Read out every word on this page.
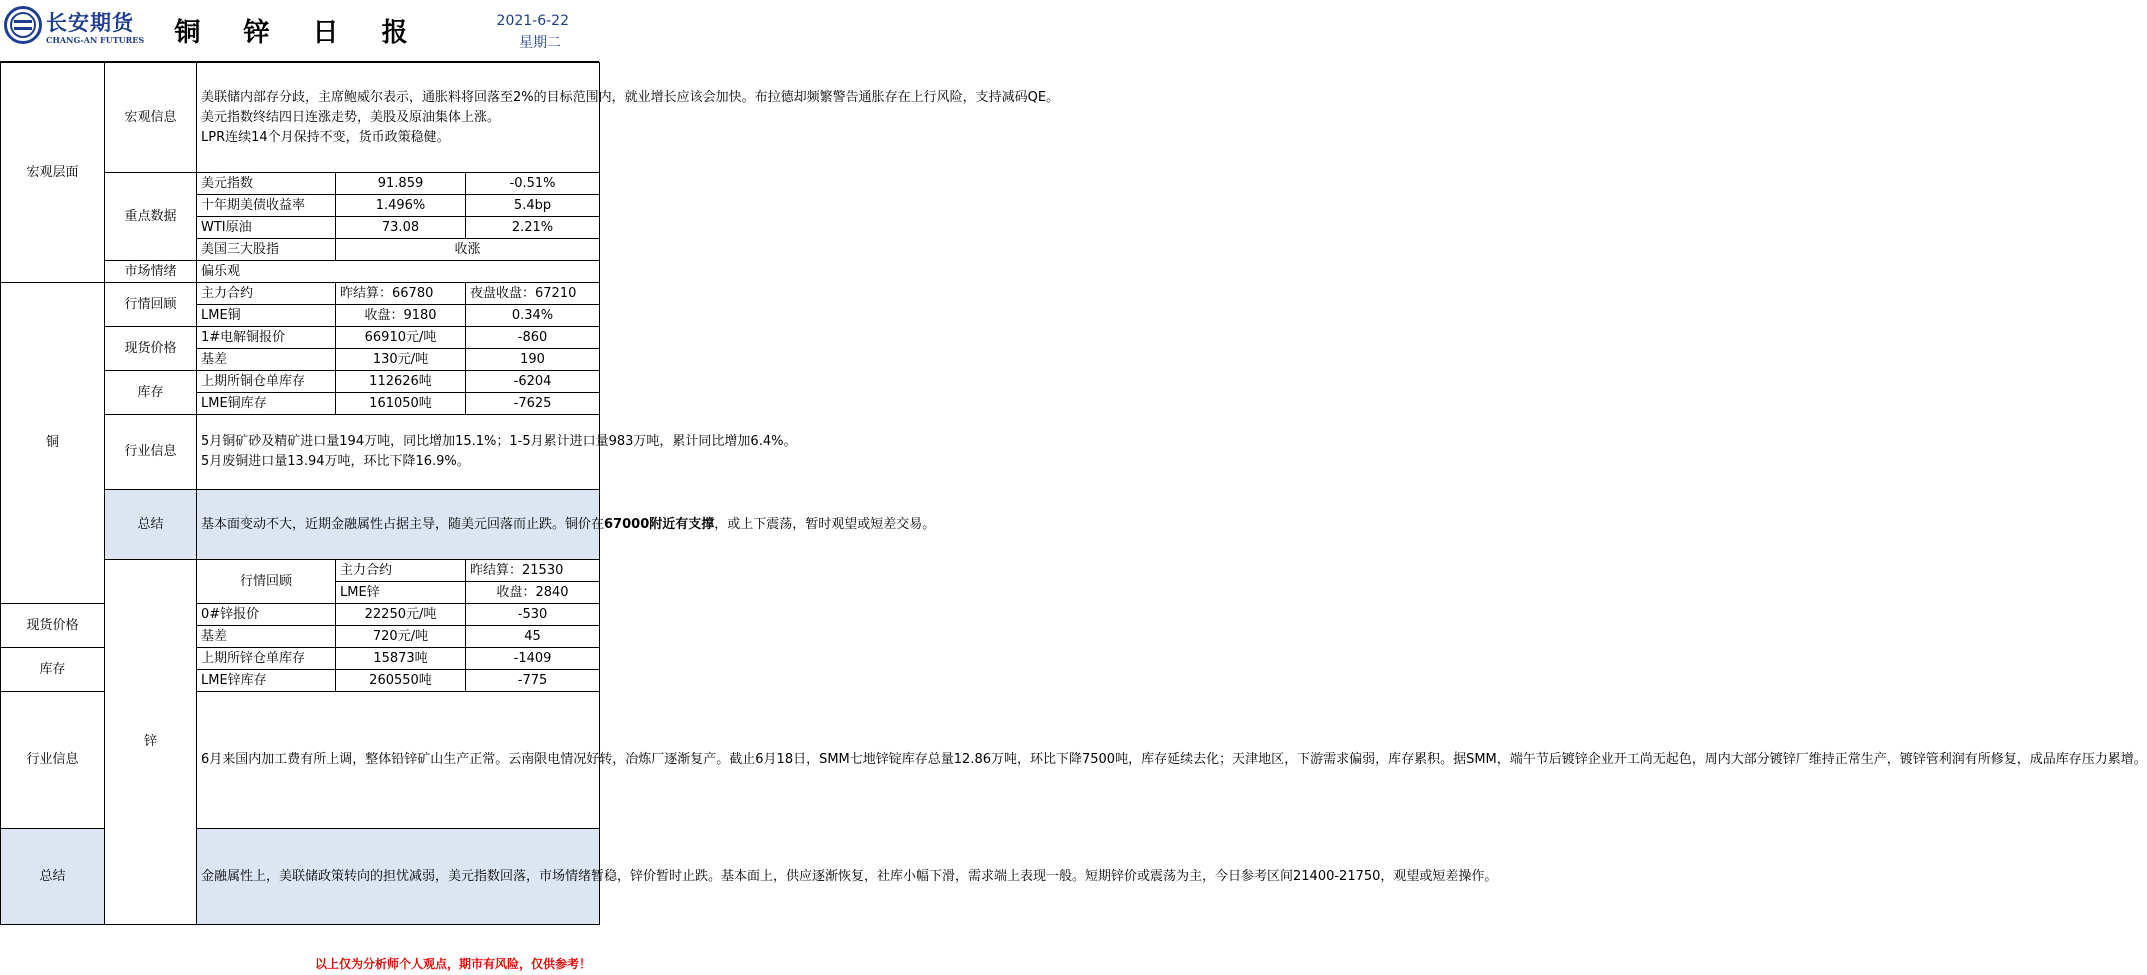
长安期货
CHANG-AN FUTURES	铜 锌 日 报	2021-6-22
星期二
宏观层面	宏观信息	美联储内部存分歧，主席鲍威尔表示，通胀料将回落至2%的目标范围内，就业增长应该会加快。布拉德却频繁警告通胀存在上行风险，支持减码QE。
美元指数终结四日连涨走势，美股及原油集体上涨。
LPR连续14个月保持不变，货币政策稳健。			
	重点数据	美元指数	91.859	-0.51%	
		十年期美债收益率	1.496%	5.4bp	
		WTI原油	73.08	2.21%	
		美国三大股指	收涨		
	市场情绪	偏乐观			
铜	行情回顾	主力合约	昨结算：66780	夜盘收盘：67210	
		LME铜	收盘：9180	0.34%	
	现货价格	1#电解铜报价	66910元/吨	-860	
		基差	130元/吨	190	
	库存	上期所铜仓单库存	112626吨	-6204	
		LME铜库存	161050吨	-7625	
	行业信息	5月铜矿砂及精矿进口量194万吨，同比增加15.1%；1-5月累计进口量983万吨，累计同比增加6.4%。
5月废铜进口量13.94万吨，环比下降16.9%。			
	总结	基本面变动不大，近期金融属性占据主导，随美元回落而止跌。铜价在67000附近有支撑，或上下震荡，暂时观望或短差交易。			
	锌	行情回顾	主力合约	昨结算：21530	
			LME锌	收盘：2840	
现货价格		0#锌报价	22250元/吨	-530	
		基差	720元/吨	45	
库存		上期所锌仓单库存	15873吨	-1409	
		LME锌库存	260550吨	-775	
行业信息		6月来国内加工费有所上调，整体铅锌矿山生产正常。云南限电情况好转，冶炼厂逐渐复产。截止6月18日，SMM七地锌锭库存总量12.86万吨，环比下降7500吨，库存延续去化；天津地区，下游需求偏弱，库存累积。据SMM，端午节后镀锌企业开工尚无起色，周内大部分镀锌厂维持正常生产，镀锌管利润有所修复，成品库存压力累增。			
总结		金融属性上，美联储政策转向的担忧减弱，美元指数回落，市场情绪暂稳，锌价暂时止跌。基本面上，供应逐渐恢复，社库小幅下滑，需求端上表现一般。短期锌价或震荡为主，今日参考区间21400-21750，观望或短差操作。			
以上仅为分析师个人观点，期市有风险，仅供参考！
